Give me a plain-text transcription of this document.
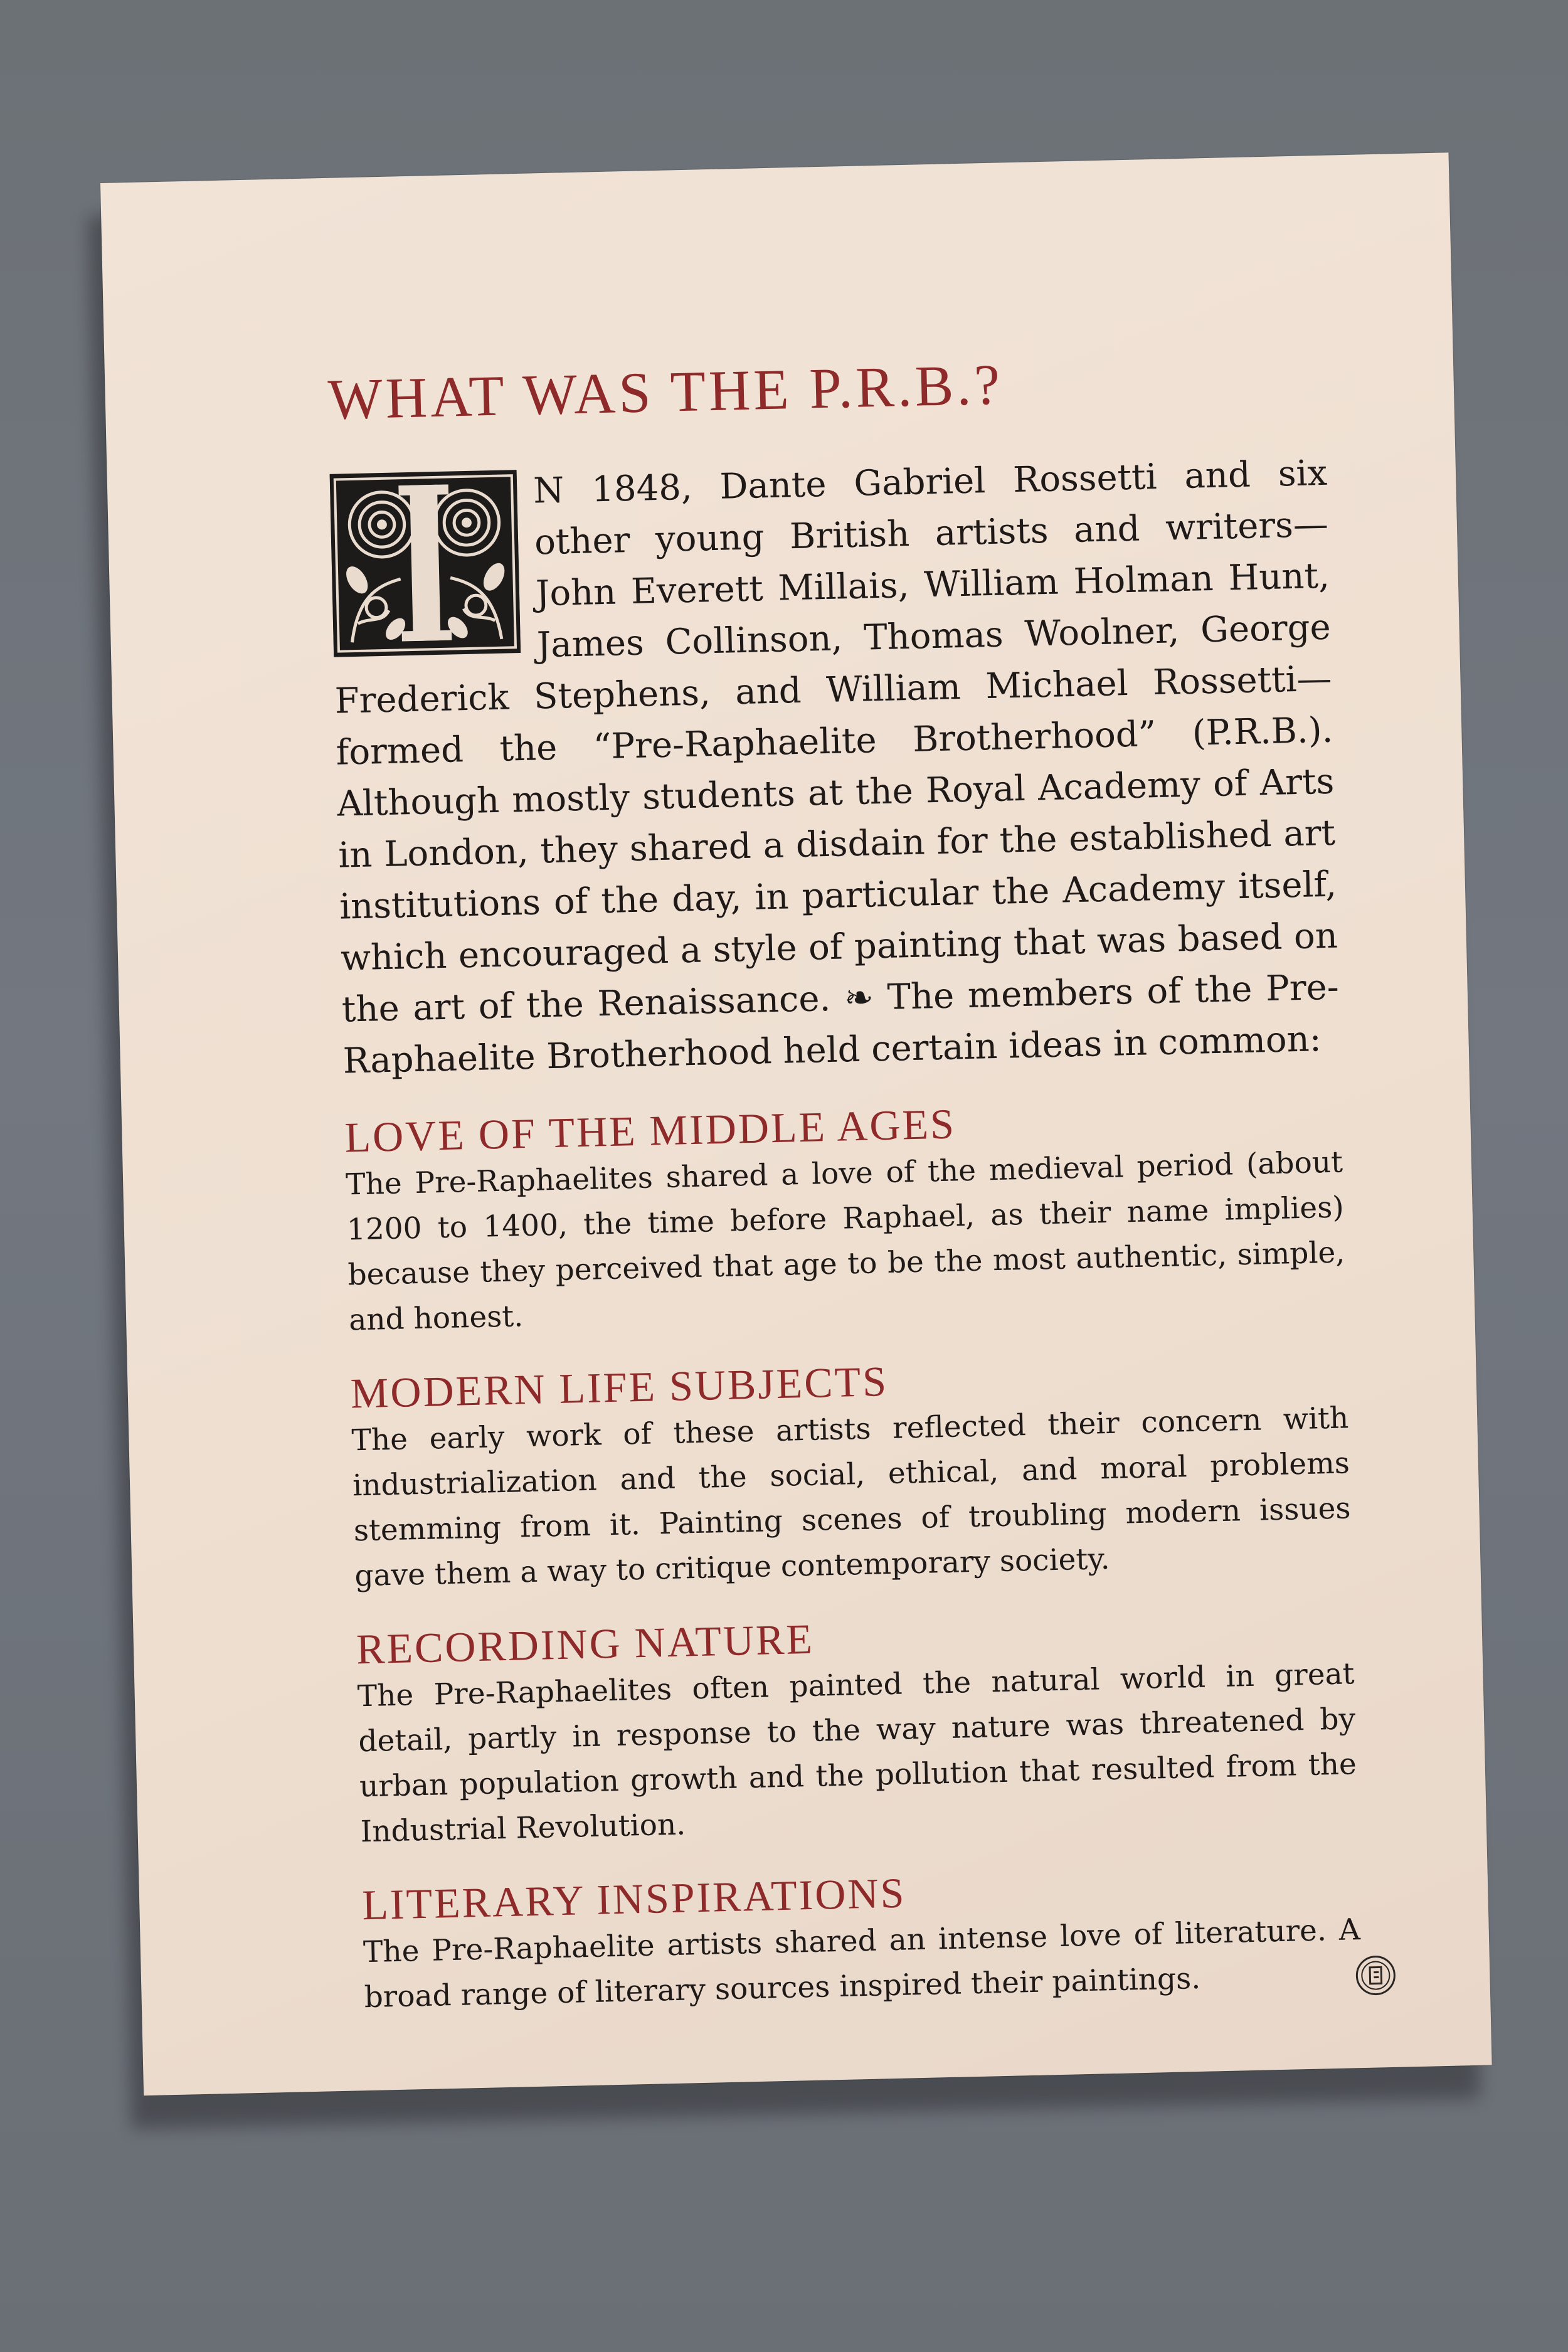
WHAT WAS THE P.R.B.?

N 1848, Dante Gabriel Rossetti and six other young British artists and writers—John Everett Millais, William Holman Hunt, James Collinson, Thomas Woolner, George Frederick Stephens, and William Michael Rossetti—formed the “Pre-Raphaelite Brotherhood” (P.R.B.). Although mostly students at the Royal Academy of Arts in London, they shared a disdain for the established art institutions of the day, in particular the Academy itself, which encouraged a style of painting that was based on the art of the Renaissance. ❧ The members of the Pre-Raphaelite Brotherhood held certain ideas in common:

LOVE OF THE MIDDLE AGES

The Pre-Raphaelites shared a love of the medieval period (about 1200 to 1400, the time before Raphael, as their name implies) because they perceived that age to be the most authentic, simple, and honest.

MODERN LIFE SUBJECTS

The early work of these artists reflected their concern with industrialization and the social, ethical, and moral problems stemming from it. Painting scenes of troubling modern issues gave them a way to critique contemporary society.

RECORDING NATURE

The Pre-Raphaelites often painted the natural world in great detail, partly in response to the way nature was threatened by urban population growth and the pollution that resulted from the Industrial Revolution.

LITERARY INSPIRATIONS

The Pre-Raphaelite artists shared an intense love of literature. A broad range of literary sources inspired their paintings.
